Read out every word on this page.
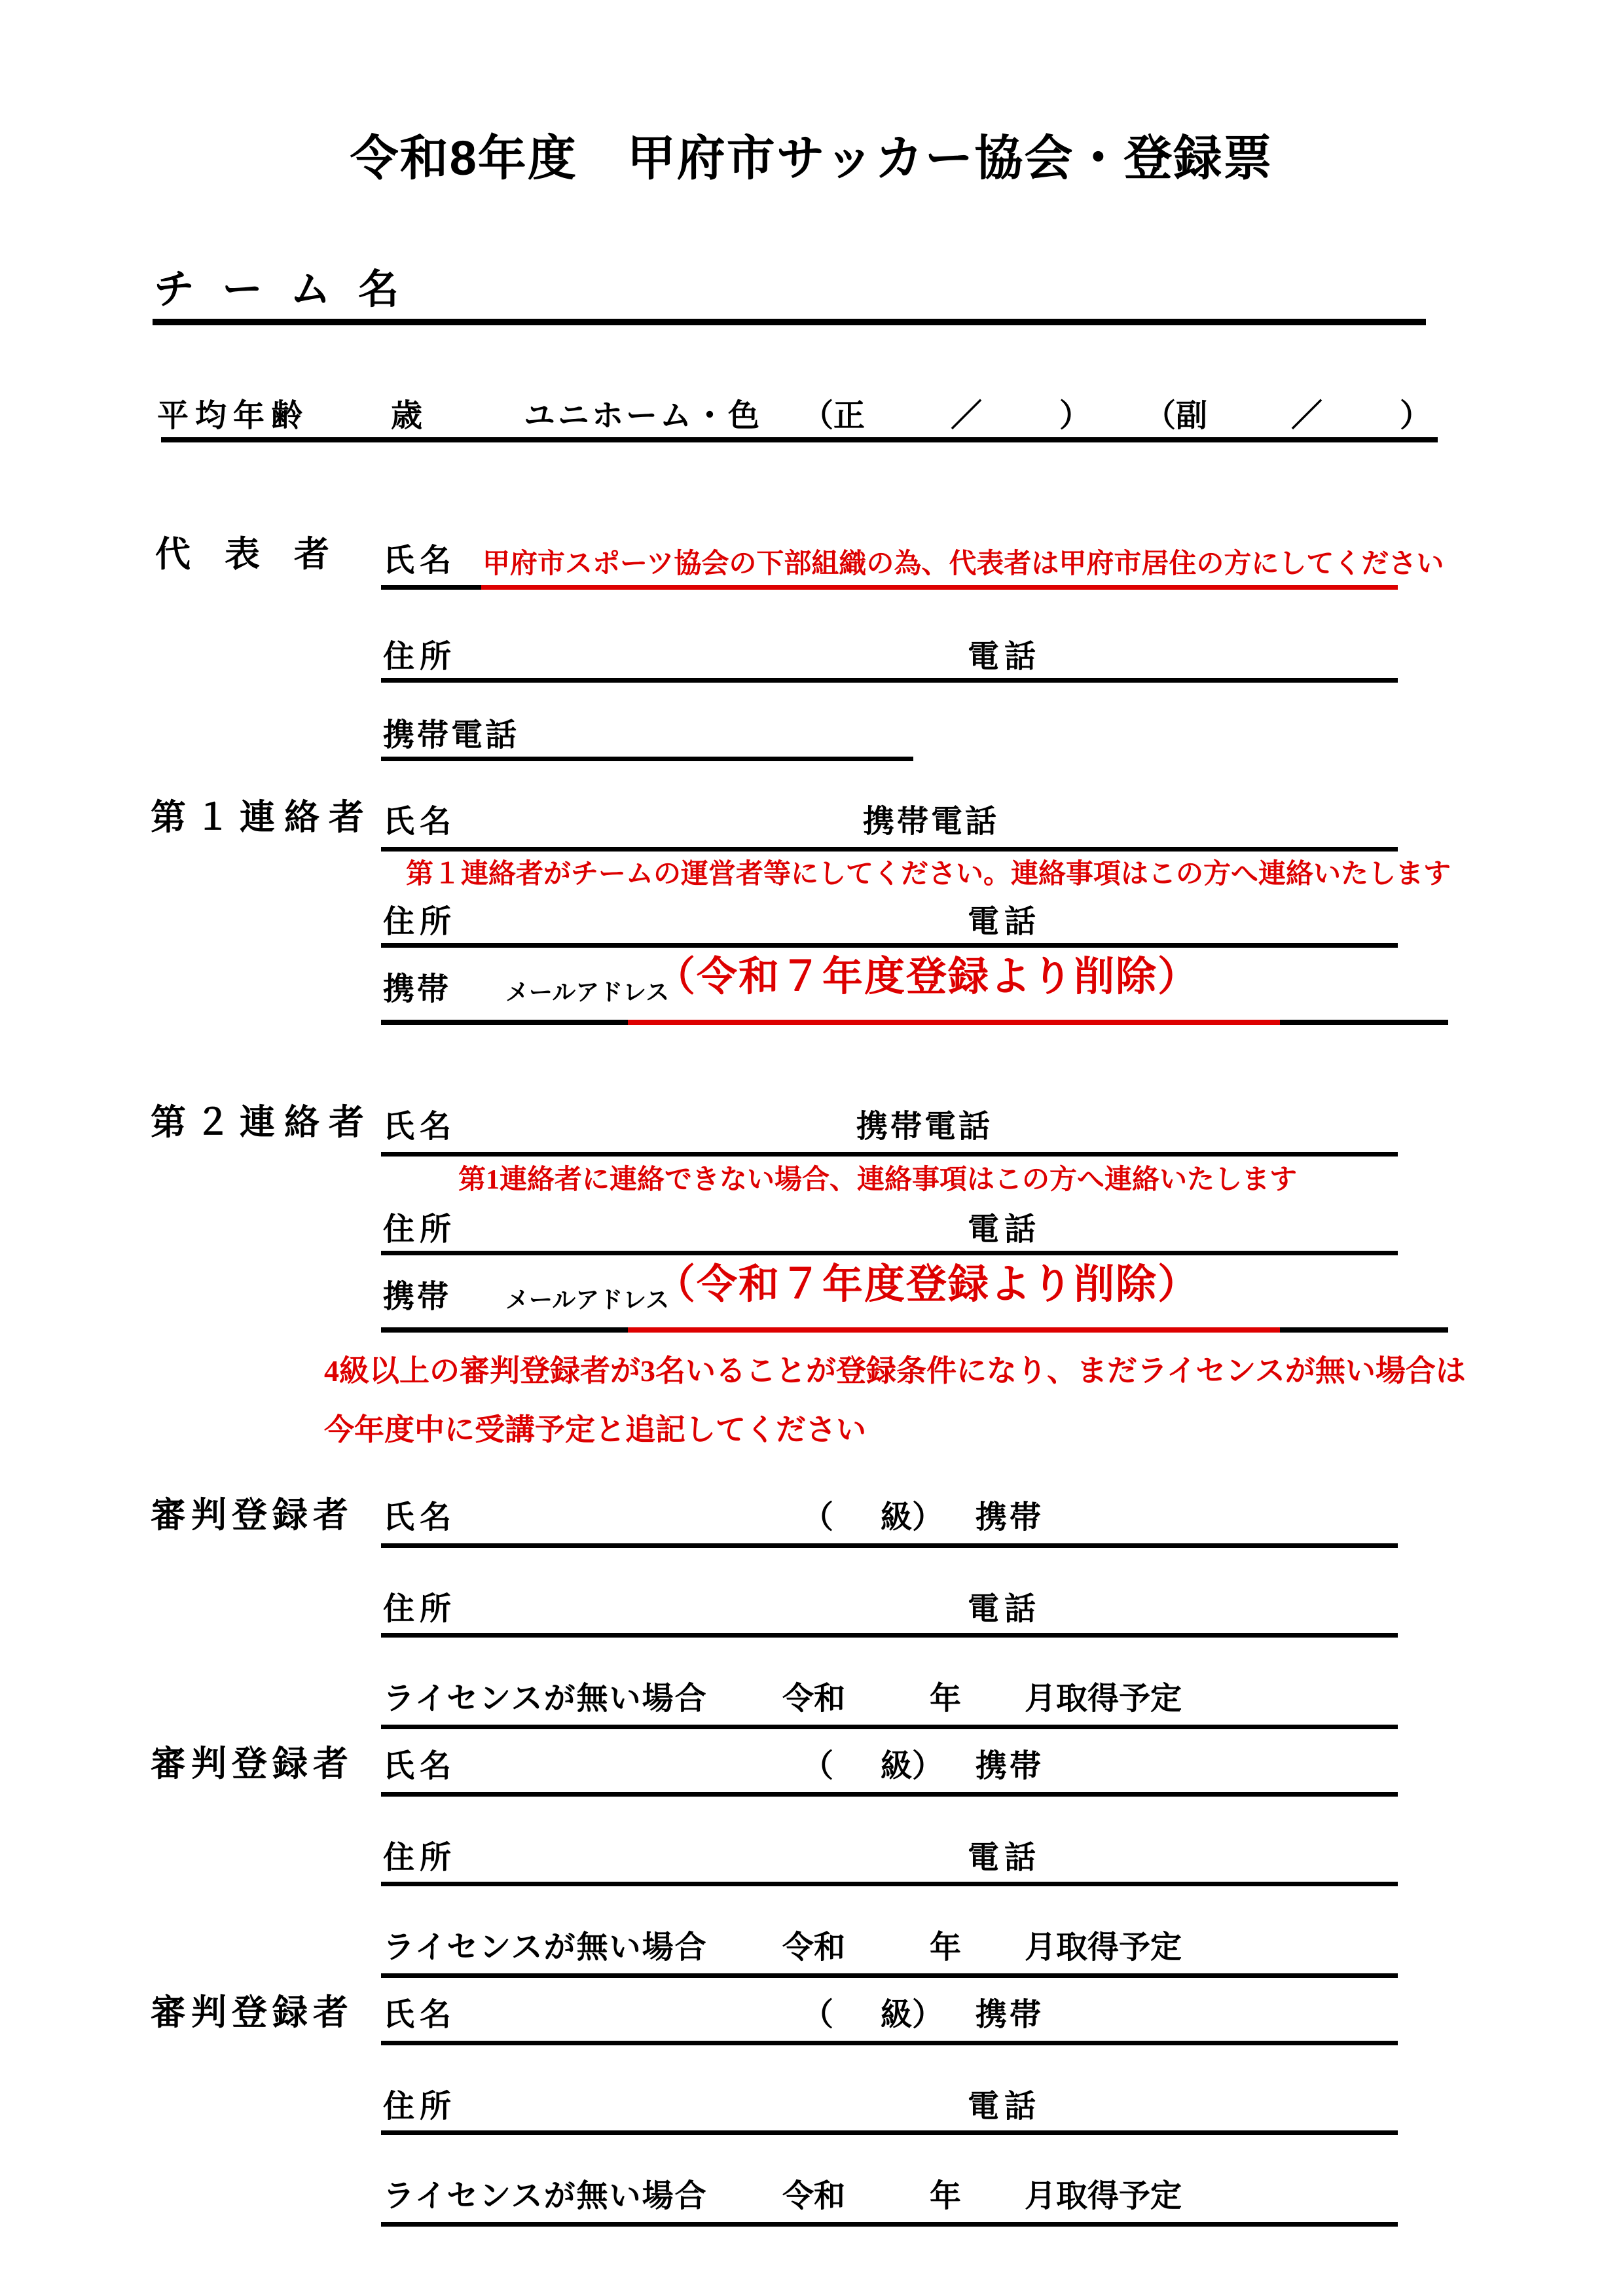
令和8年度　甲府市サッカー協会・登録票
チーム名
平均年齢	歳	ユニホーム・色 （正	／ ） （副	／ ）
代表者 氏名 甲府市スポーツ協会の下部組織の為、代表者は甲府市居住の方にしてください
住所	電話
携帯電話
第１連絡者 氏名	携帯電話
第１連絡者がチームの運営者等にしてください。連絡事項はこの方へ連絡いたします
住所	電話
携帯 メールアドレス
（令和７年度登録より削除）
第２連絡者 氏名	携帯電話
第1連絡者に連絡できない場合、連絡事項はこの方へ連絡いたします
住所	電話
携帯 メールアドレス
（令和７年度登録より削除）
4級以上の審判登録者が3名いることが登録条件になり、まだライセンスが無い場合は
今年度中に受講予定と追記してください
審判登録者 氏名	（ 級） 携帯
住所	電話
ライセンスが無い場合 令和	年 月取得予定
審判登録者 氏名	（ 級） 携帯
住所	電話
ライセンスが無い場合 令和	年 月取得予定
審判登録者 氏名	（ 級） 携帯
住所	電話
ライセンスが無い場合 令和	年 月取得予定
